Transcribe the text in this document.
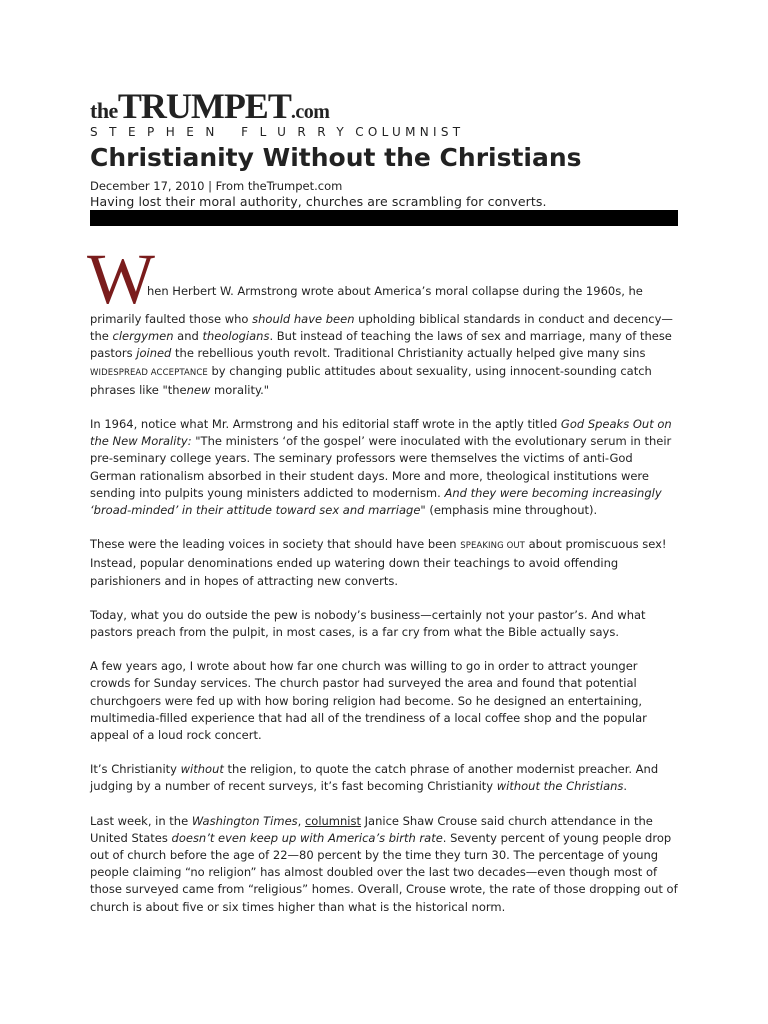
theTRUMPET.com
STEPHEN FLURRYCOLUMNIST
Christianity Without the Christians
December 17, 2010 | From theTrumpet.com
Having lost their moral authority, churches are scrambling for converts.
W
hen Herbert W. Armstrong wrote about America’s moral collapse during the 1960s, he

primarily faulted those who should have been upholding biblical standards in conduct and decency—the clergymen and theologians. But instead of teaching the laws of sex and marriage, many of these pastors joined the rebellious youth revolt. Traditional Christianity actually helped give many sins WIDESPREAD ACCEPTANCE by changing public attitudes about sexuality, using innocent-sounding catch phrases like "thenew morality."

In 1964, notice what Mr. Armstrong and his editorial staff wrote in the aptly titled God Speaks Out on the New Morality: "The ministers ‘of the gospel’ were inoculated with the evolutionary serum in their pre-seminary college years. The seminary professors were themselves the victims of anti-God German rationalism absorbed in their student days. More and more, theological institutions were sending into pulpits young ministers addicted to modernism. And they were becoming increasingly ‘broad-minded’ in their attitude toward sex and marriage" (emphasis mine throughout).

These were the leading voices in society that should have been SPEAKING OUT about promiscuous sex! Instead, popular denominations ended up watering down their teachings to avoid offending parishioners and in hopes of attracting new converts.

Today, what you do outside the pew is nobody’s business—certainly not your pastor’s. And what pastors preach from the pulpit, in most cases, is a far cry from what the Bible actually says.

A few years ago, I wrote about how far one church was willing to go in order to attract younger crowds for Sunday services. The church pastor had surveyed the area and found that potential churchgoers were fed up with how boring religion had become. So he designed an entertaining, multimedia-filled experience that had all of the trendiness of a local coffee shop and the popular appeal of a loud rock concert.

It’s Christianity without the religion, to quote the catch phrase of another modernist preacher. And judging by a number of recent surveys, it’s fast becoming Christianity without the Christians.

Last week, in the Washington Times, columnist Janice Shaw Crouse said church attendance in the United States doesn’t even keep up with America’s birth rate. Seventy percent of young people drop out of church before the age of 22—80 percent by the time they turn 30. The percentage of young people claiming “no religion” has almost doubled over the last two decades—even though most of those surveyed came from “religious” homes. Overall, Crouse wrote, the rate of those dropping out of church is about five or six times higher than what is the historical norm.
